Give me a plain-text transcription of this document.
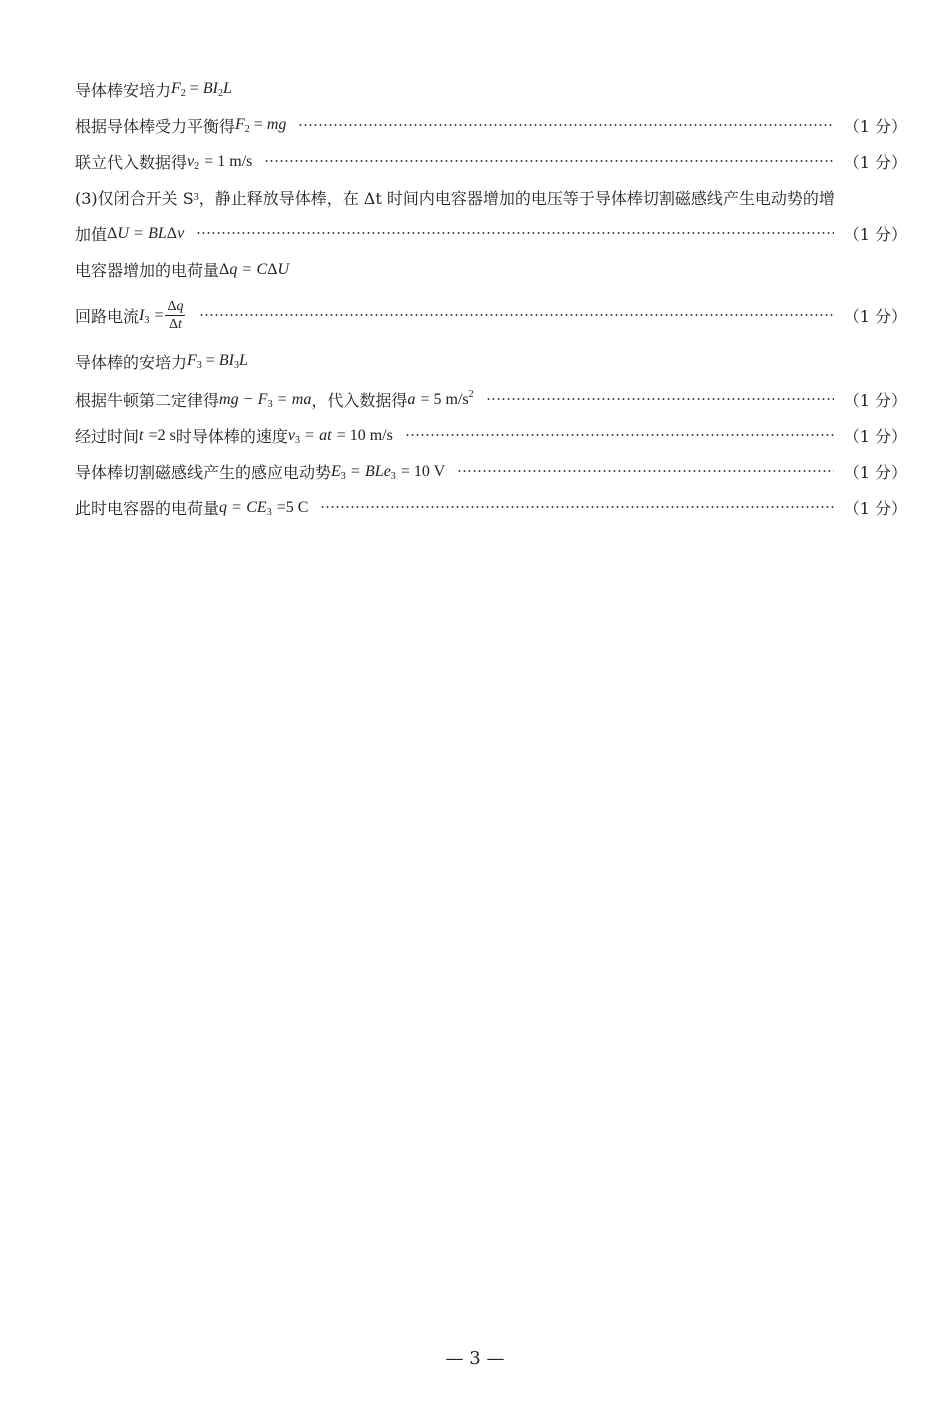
导体棒安培力 $F_2 = BI_2L$
根据导体棒受力平衡得 $F_2$ = mg	（1 分）
联立代入数据得 $v_2 = 1$ m/s	（1 分）
(3)仅闭合开关 S 3 ，静止释放导体棒，在 Δt 时间内电容器增加的电压等于导体棒切割磁感线产生电动势的增
加值 ΔU = BLΔv	（1 分）
电容器增加的电荷量 Δq = CΔU
回路电流 $I_3 = \frac{\Delta q}{\Delta t}$	（1 分）
导体棒的安培力 $F_3 = BI_3L$
根据牛顿第二定律得 mg − $F_3$ = ma ，代入数据得 a = 5 $m/s^2$	（1 分）
经过时间 t =2 s 时导体棒的速度 $v_3$ = at = 10 m/s	（1 分）
导体棒切割磁感线产生的感应电动势 $E_3 = BLe_3 = 10$ V	（1 分）
此时电容器的电荷量 $q = CE_3 =5$ C	（1 分）
— 3 —
